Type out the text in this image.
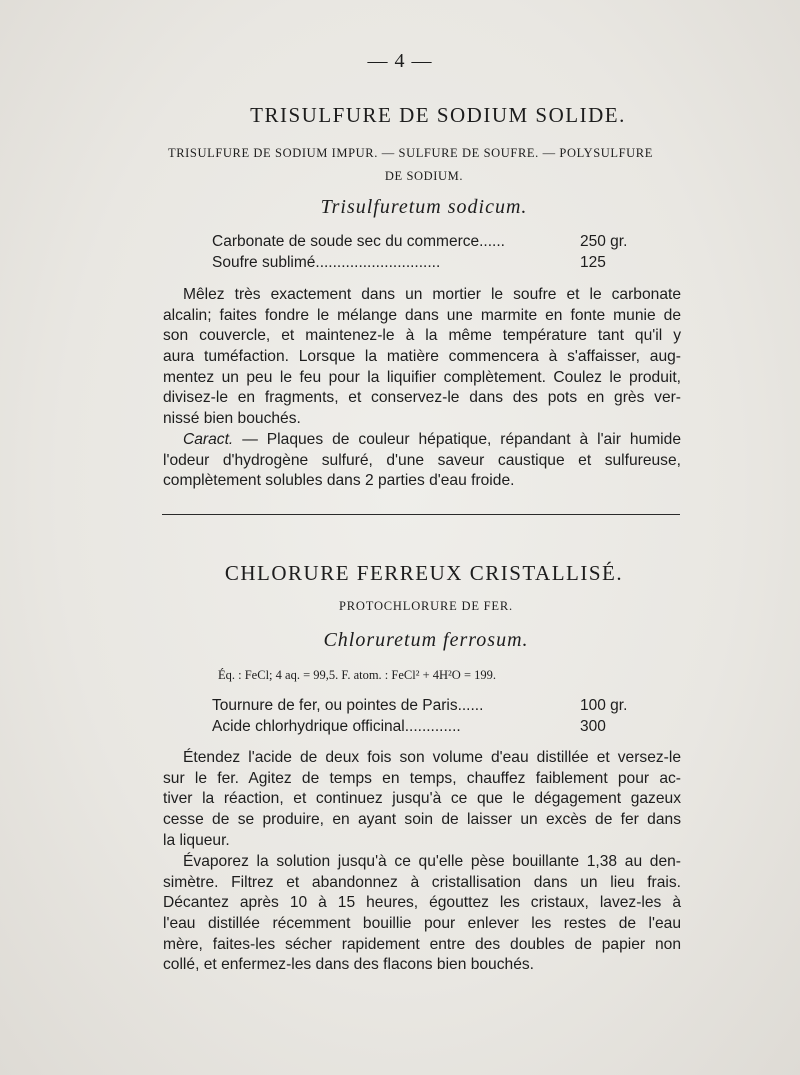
— 4 —
TRISULFURE DE SODIUM SOLIDE.
TRISULFURE DE SODIUM IMPUR. — SULFURE DE SOUFRE. — POLYSULFURE
DE SODIUM.
Trisulfuretum sodicum.
Carbonate de soude sec du commerce......	250 gr.
Soufre sublimé.............................	125
Mêlez très exactement dans un mortier le soufre et le carbonate
alcalin; faites fondre le mélange dans une marmite en fonte munie de
son couvercle, et maintenez-le à la même température tant qu'il y
aura tuméfaction. Lorsque la matière commencera à s'affaisser, aug-
mentez un peu le feu pour la liquifier complètement. Coulez le produit,
divisez-le en fragments, et conservez-le dans des pots en grès ver-
nissé bien bouchés.
Caract. — Plaques de couleur hépatique, répandant à l'air humide
l'odeur d'hydrogène sulfuré, d'une saveur caustique et sulfureuse,
complètement solubles dans 2 parties d'eau froide.
CHLORURE FERREUX CRISTALLISÉ.
PROTOCHLORURE DE FER.
Chloruretum ferrosum.
Éq. : FeCl; 4 aq. = 99,5. F. atom. : FeCl² + 4H²O = 199.
Tournure de fer, ou pointes de Paris......	100 gr.
Acide chlorhydrique officinal.............	300
Étendez l'acide de deux fois son volume d'eau distillée et versez-le
sur le fer. Agitez de temps en temps, chauffez faiblement pour ac-
tiver la réaction, et continuez jusqu'à ce que le dégagement gazeux
cesse de se produire, en ayant soin de laisser un excès de fer dans
la liqueur.
Évaporez la solution jusqu'à ce qu'elle pèse bouillante 1,38 au den-
simètre. Filtrez et abandonnez à cristallisation dans un lieu frais.
Décantez après 10 à 15 heures, égouttez les cristaux, lavez-les à
l'eau distillée récemment bouillie pour enlever les restes de l'eau
mère, faites-les sécher rapidement entre des doubles de papier non
collé, et enfermez-les dans des flacons bien bouchés.
